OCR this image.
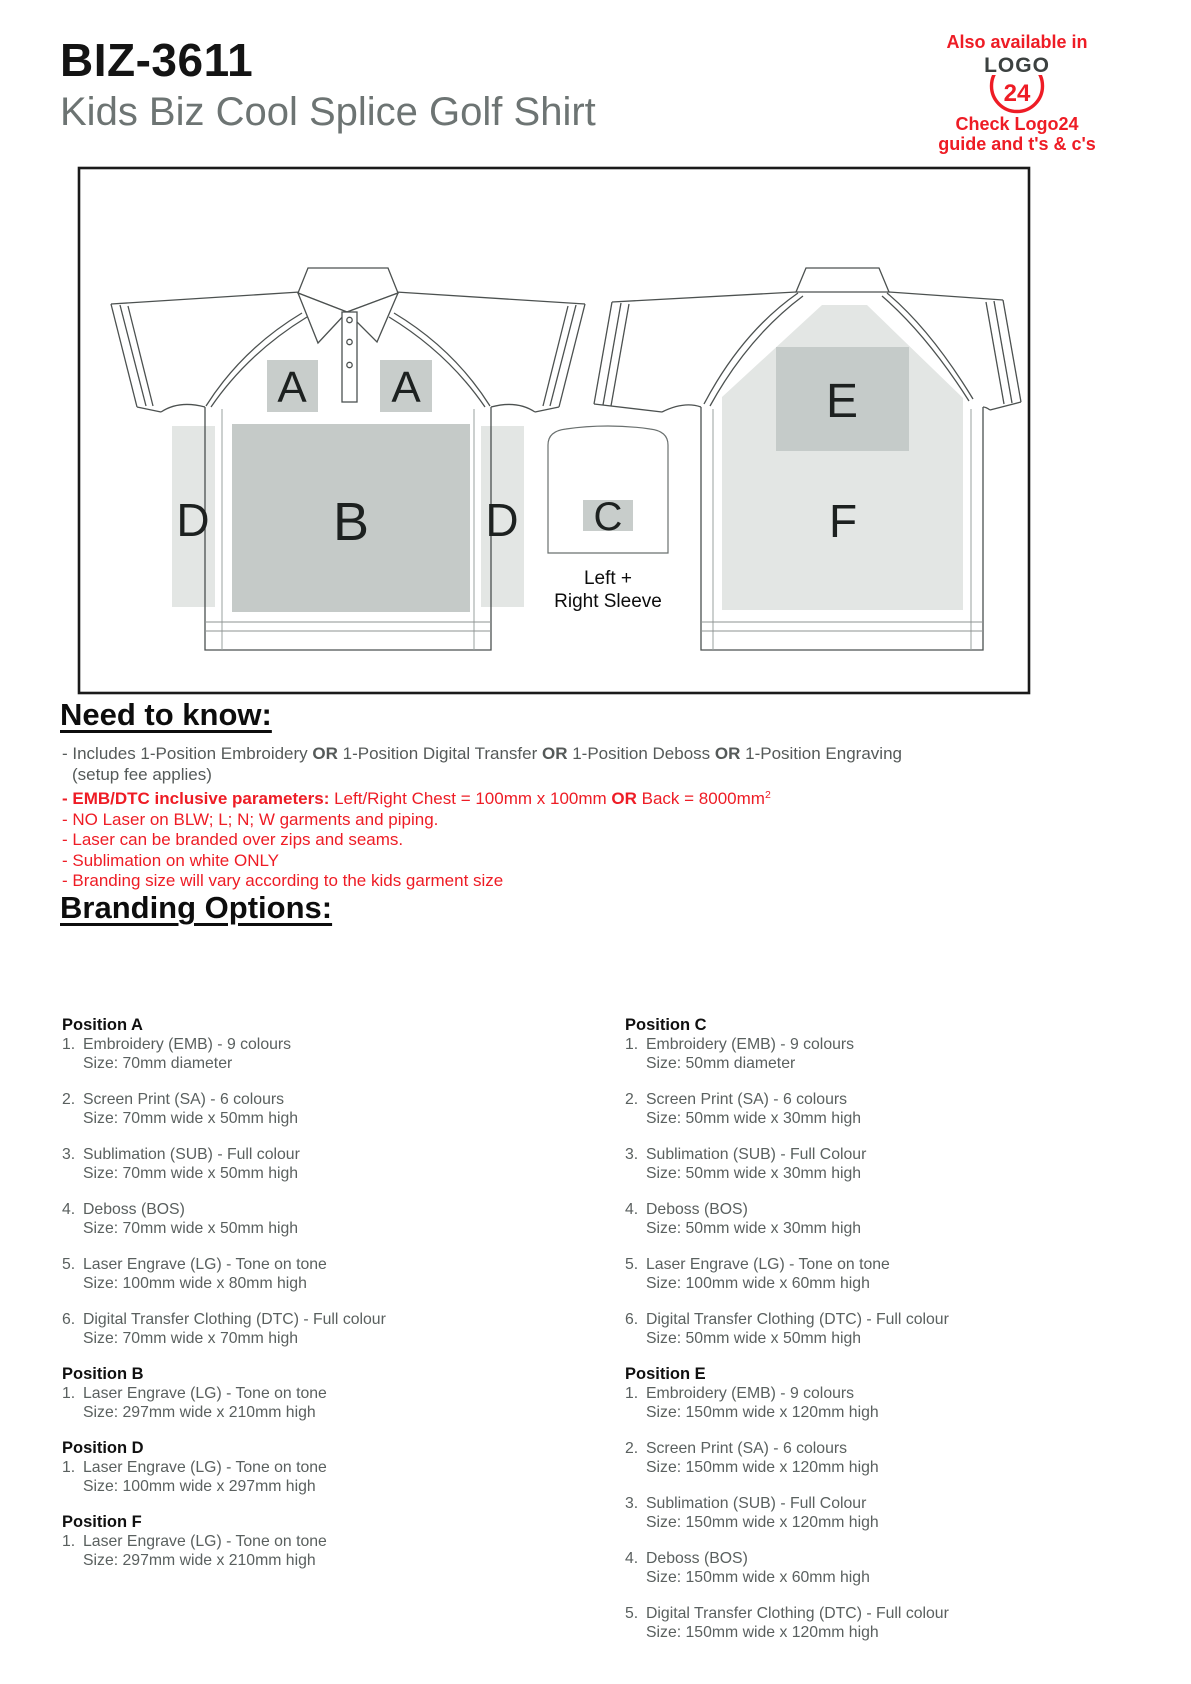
A A
B
D	D C
E
F
Left +
Right Sleeve
BIZ-3611
Kids Biz Cool Splice Golf Shirt
Also available in
LOGO
24
Check Logo24
guide and t's & c's
Need to know:
- Includes 1-Position Embroidery OR 1-Position Digital Transfer OR 1-Position Deboss OR 1-Position Engraving
(setup fee applies)
- EMB/DTC inclusive parameters: Left/Right Chest = 100mm x 100mm OR Back = $8000mm^2$
- NO Laser on BLW; L; N; W garments and piping.
- Laser can be branded over zips and seams.
- Sublimation on white ONLY
- Branding size will vary according to the kids garment size
Branding Options:
Position A
1. Embroidery (EMB) - 9 colours
Size: 70mm diameter
2. Screen Print (SA) - 6 colours
Size: 70mm wide x 50mm high
3. Sublimation (SUB) - Full colour
Size: 70mm wide x 50mm high
4. Deboss (BOS)
Size: 70mm wide x 50mm high
5. Laser Engrave (LG) - Tone on tone
Size: 100mm wide x 80mm high
6. Digital Transfer Clothing (DTC) - Full colour
Size: 70mm wide x 70mm high
Position B
1. Laser Engrave (LG) - Tone on tone
Size: 297mm wide x 210mm high
Position D
1. Laser Engrave (LG) - Tone on tone
Size: 100mm wide x 297mm high
Position F
1. Laser Engrave (LG) - Tone on tone
Size: 297mm wide x 210mm high
Position C
1. Embroidery (EMB) - 9 colours
Size: 50mm diameter
2. Screen Print (SA) - 6 colours
Size: 50mm wide x 30mm high
3. Sublimation (SUB) - Full Colour
Size: 50mm wide x 30mm high
4. Deboss (BOS)
Size: 50mm wide x 30mm high
5. Laser Engrave (LG) - Tone on tone
Size: 100mm wide x 60mm high
6. Digital Transfer Clothing (DTC) - Full colour
Size: 50mm wide x 50mm high
Position E
1. Embroidery (EMB) - 9 colours
Size: 150mm wide x 120mm high
2. Screen Print (SA) - 6 colours
Size: 150mm wide x 120mm high
3. Sublimation (SUB) - Full Colour
Size: 150mm wide x 120mm high
4. Deboss (BOS)
Size: 150mm wide x 60mm high
5. Digital Transfer Clothing (DTC) - Full colour
Size: 150mm wide x 120mm high
